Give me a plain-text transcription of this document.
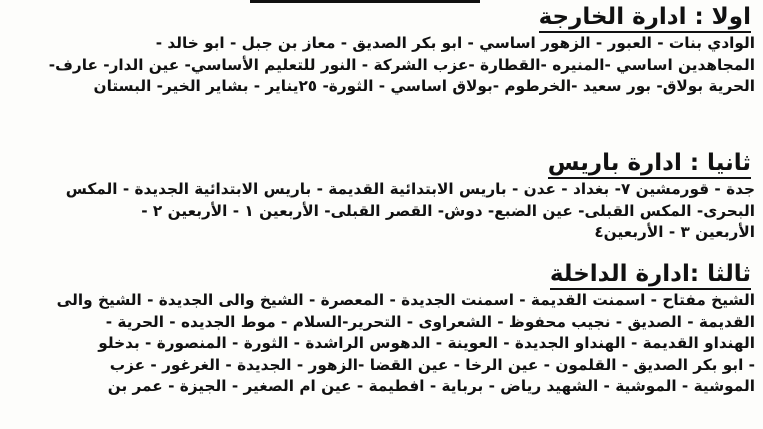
اولا : ادارة الخارجة
الوادي بنات - العبور - الزهور اساسي - ابو بكر الصديق - معاز بن جبل - ابو خالد -
المجاهدين اساسي -المنيره -القطارة -عزب الشركة - النور للتعليم الأساسي- عين الدار- عارف-
الحرية بولاق- بور سعيد -الخرطوم -بولاق اساسي - الثورة- ٢٥يناير - بشاير الخير- البستان
ثانيا : ادارة باريس
جدة - قورمشين ٧- بغداد - عدن - باريس الابتدائية القديمة - باريس الابتدائية الجديدة - المكس
البحرى- المكس القبلى- عين الضبع- دوش- القصر القبلى- الأربعين ١ - الأربعين ٢ -
الأربعين ٣ - الأربعين٤
ثالثا :ادارة الداخلة
الشيخ مفتاح - اسمنت القديمة - اسمنت الجديدة - المعصرة - الشيخ والى الجديدة - الشيخ والى
القديمة - الصديق - نجيب محفوظ - الشعراوى - التحرير-السلام - موط الجديده - الحرية -
الهنداو القديمة - الهنداو الجديدة - العوينة - الدهوس الراشدة - الثورة - المنصورة - بدخلو
- ابو بكر الصديق - القلمون - عين الرخا - عين القضا -الزهور - الجديدة - الغرغور - عزب
الموشية - الموشية - الشهيد رياض - برباية - افطيمة - عين ام الصغير - الجيزة - عمر بن
